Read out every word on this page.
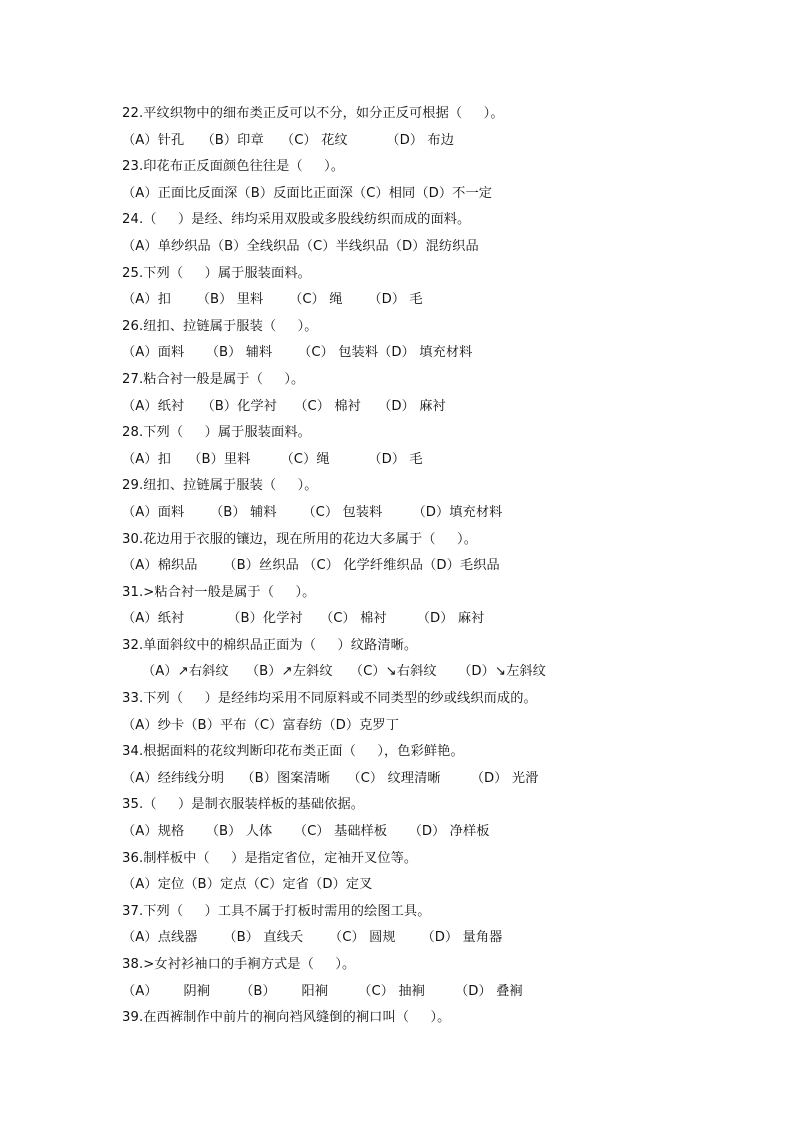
22.平纹织物中的细布类正反可以不分，如分正反可根据（     ）。
（A）针孔    （B）印章    （C） 花纹         （D） 布边
23.印花布正反面颜色往往是（     ）。
（A）正面比反面深（B）反面比正面深（C）相同（D）不一定
24.（     ）是经、纬均采用双股或多股线纺织而成的面料。
（A）单纱织品（B）全线织品（C）半线织品（D）混纺织品
25.下列（     ）属于服装面料。
（A）扣      （B） 里料      （C） 绳      （D） 毛
26.纽扣、拉链属于服装（     ）。
（A）面料     （B） 辅料      （C） 包装料（D） 填充材料
27.粘合衬一般是属于（     ）。
（A）纸衬    （B）化学衬    （C） 棉衬    （D） 麻衬
28.下列（     ）属于服装面料。
（A）扣    （B）里料       （C）绳         （D） 毛
29.纽扣、拉链属于服装（     ）。
（A）面料      （B） 辅料      （C） 包装料       （D）填充材料
30.花边用于衣服的镶边，现在所用的花边大多属于（     ）。
（A）棉织品      （B）丝织品 （C） 化学纤维织品（D）毛织品
31.>粘合衬一般是属于（     ）。
（A）纸衬          （B）化学衬    （C） 棉衬       （D） 麻衬
32.单面斜纹中的棉织品正面为（     ）纹路清晰。
（A）↗右斜纹    （B）↗左斜纹    （C）↘右斜纹     （D）↘左斜纹
33.下列（     ）是经纬均采用不同原料或不同类型的纱或线织而成的。
（A）纱卡（B）平布（C）富春纺（D）克罗丁
34.根据面料的花纹判断印花布类正面（     ），色彩鲜艳。
（A）经纬线分明    （B）图案清晰    （C） 纹理清晰       （D） 光滑
35.（     ）是制衣服装样板的基础依据。
（A）规格     （B） 人体     （C） 基础样板     （D） 净样板
36.制样板中（     ）是指定省位，定袖开叉位等。
（A）定位（B）定点（C）定省（D）定叉
37.下列（     ）工具不属于打板时需用的绘图工具。
（A）点线器      （B） 直线夭      （C） 圆规      （D） 量角器
38.>女衬衫袖口的手裥方式是（     ）。
（A）      阴裥       （B）      阳裥       （C） 抽裥       （D） 叠裥
39.在西裤制作中前片的裥向裆风缝倒的裥口叫（     ）。
